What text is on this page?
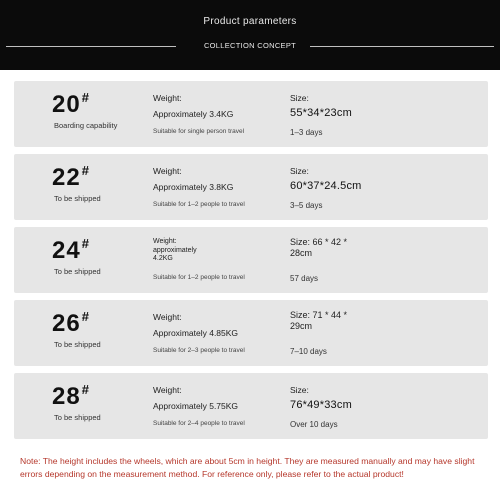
Product parameters
COLLECTION CONCEPT
20#
Boarding capability
Weight:
Approximately 3.4KG
Suitable for single person travel
Size:
55*34*23cm
1–3 days
22#
To be shipped
Weight:
Approximately 3.8KG
Suitable for 1–2 people to travel
Size:
60*37*24.5cm
3–5 days
24#
To be shipped
Weight:
approximately
4.2KG
Suitable for 1–2 people to travel
Size: 66 * 42 *
28cm
57 days
26#
To be shipped
Weight:
Approximately 4.85KG
Suitable for 2–3 people to travel
Size: 71 * 44 *
29cm
7–10 days
28#
To be shipped
Weight:
Approximately 5.75KG
Suitable for 2–4 people to travel
Size:
76*49*33cm
Over 10 days
Note: The height includes the wheels, which are about 5cm in height. They are measured manually and may have slight errors depending on the measurement method. For reference only, please refer to the actual product!
